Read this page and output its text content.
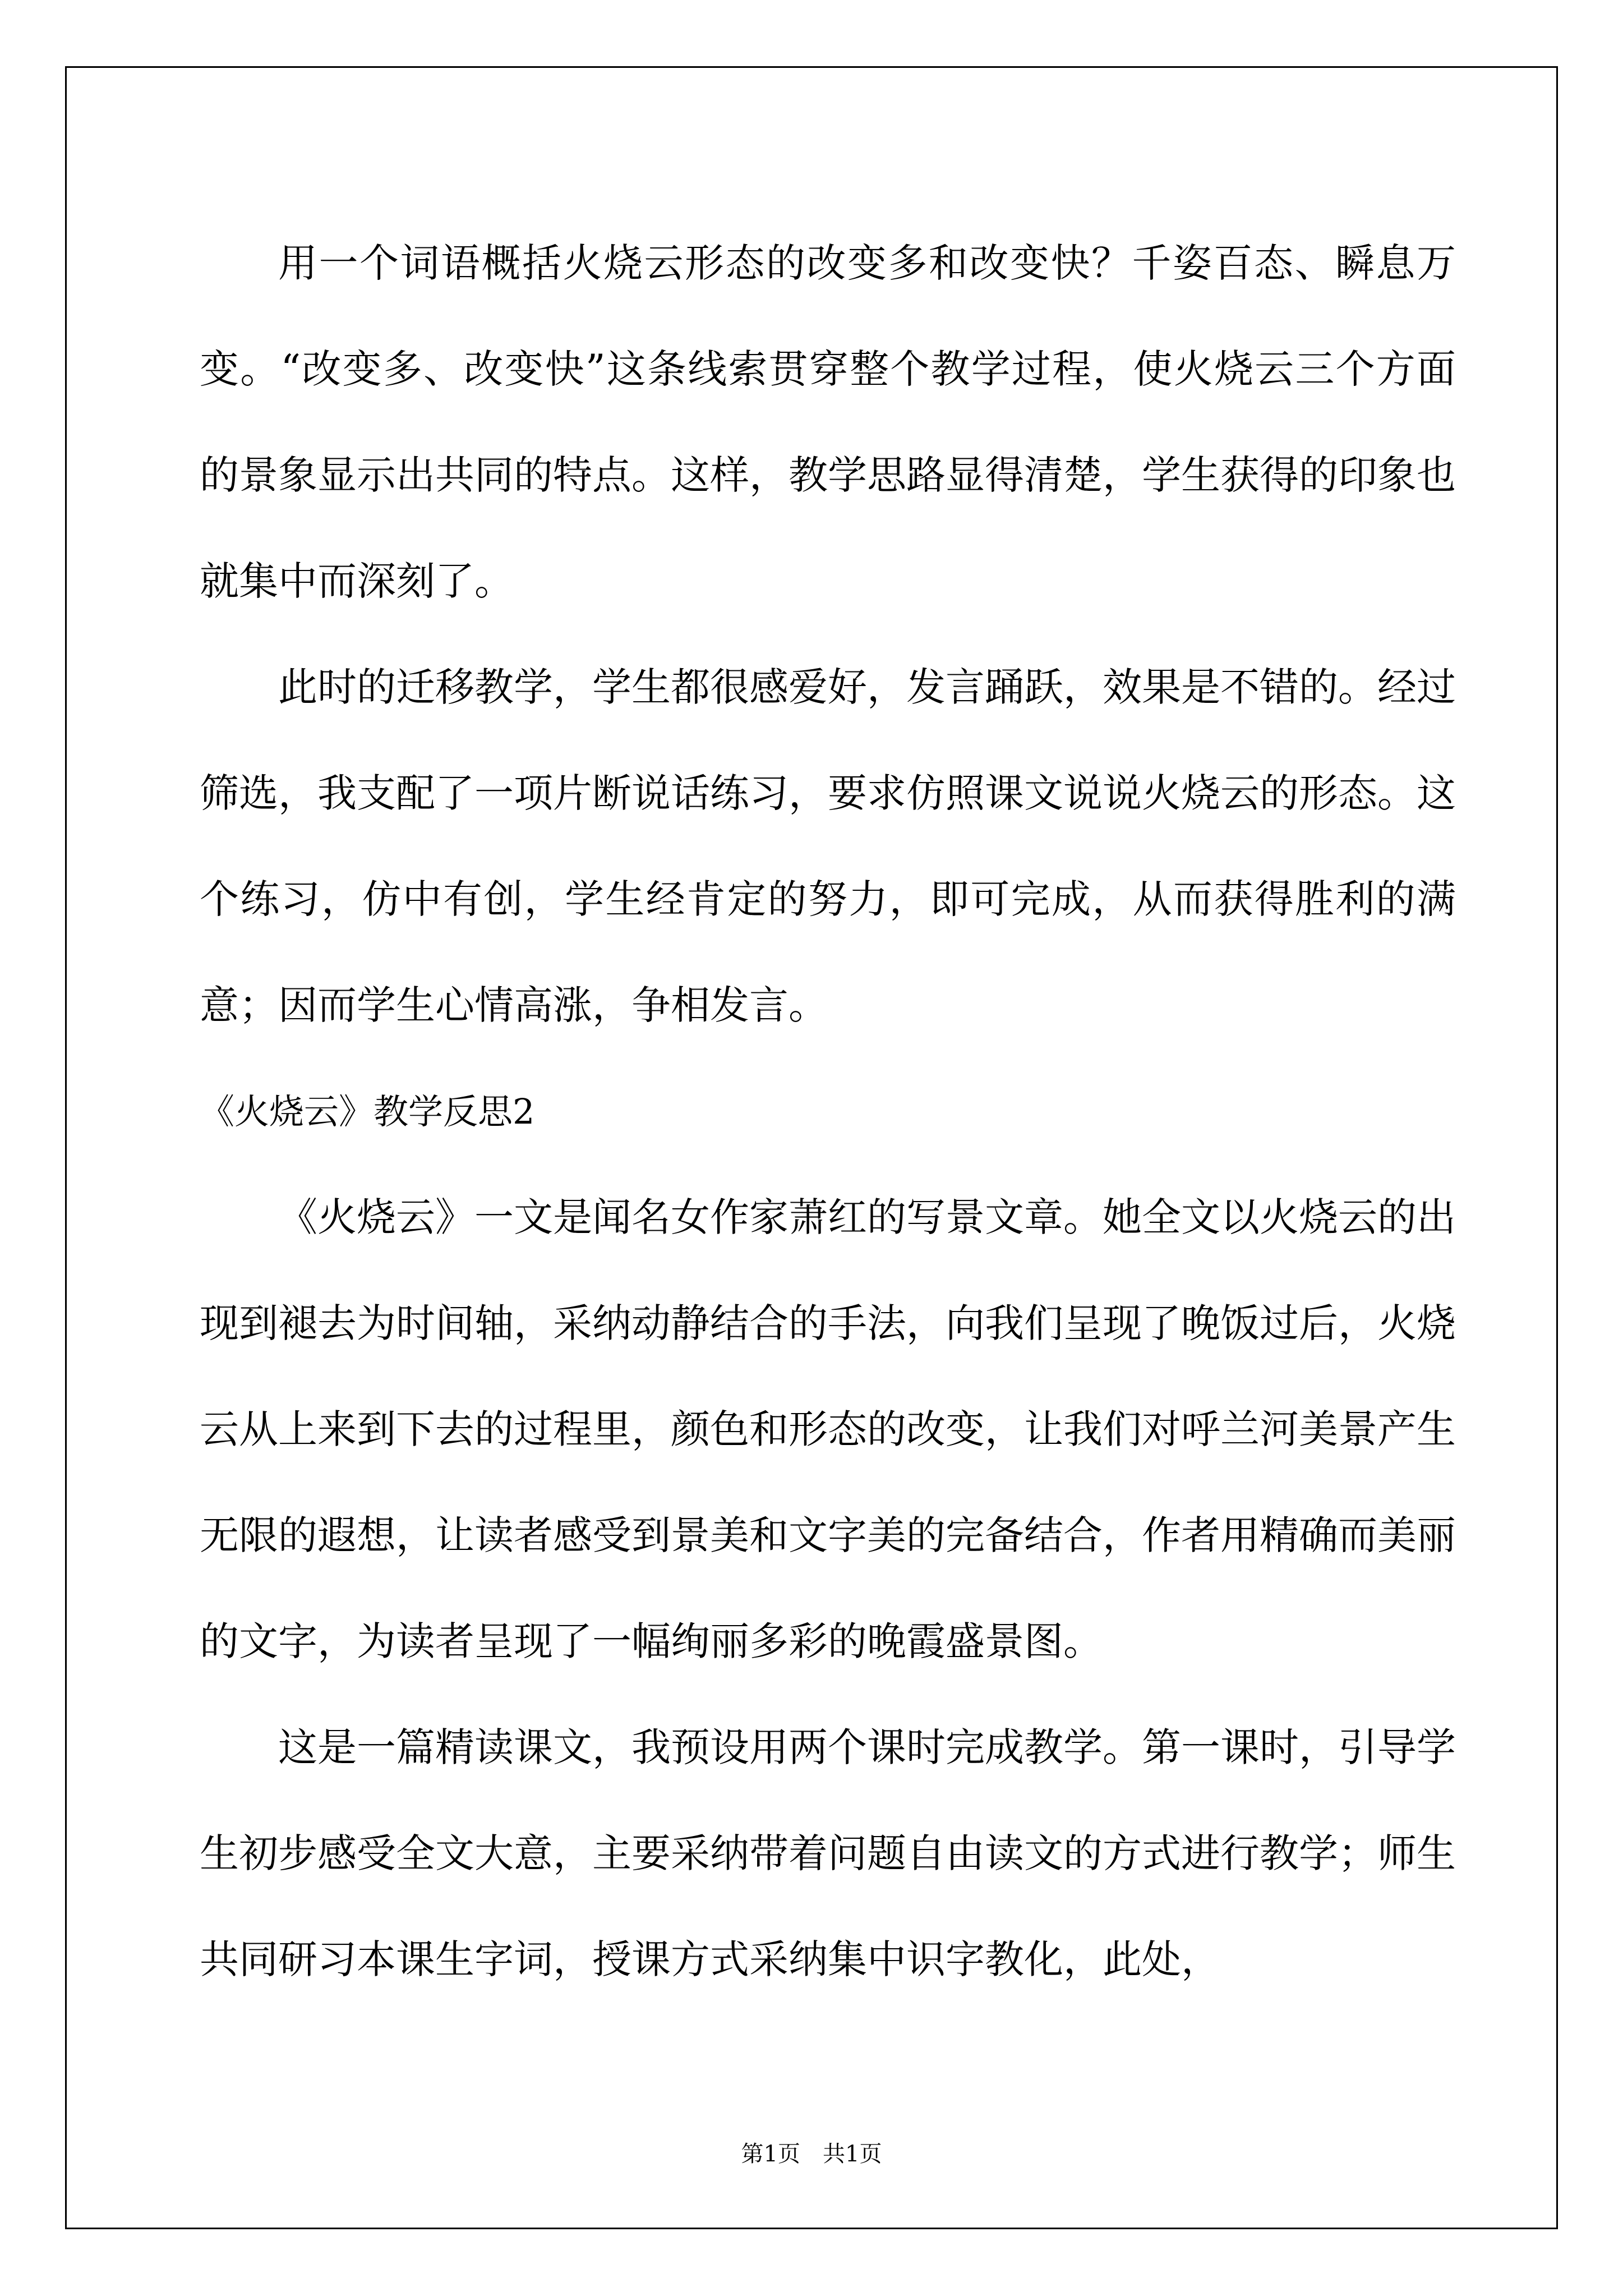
用一个词语概括火烧云形态的改变多和改变快？千姿百态、瞬息万变。“改变多、改变快”这条线索贯穿整个教学过程，使火烧云三个方面的景象显示出共同的特点。这样，教学思路显得清楚，学生获得的印象也就集中而深刻了。

此时的迁移教学，学生都很感爱好，发言踊跃，效果是不错的。经过筛选，我支配了一项片断说话练习，要求仿照课文说说火烧云的形态。这个练习，仿中有创，学生经肯定的努力，即可完成，从而获得胜利的满意；因而学生心情高涨，争相发言。

《火烧云》教学反思2

《火烧云》一文是闻名女作家萧红的写景文章。她全文以火烧云的出现到褪去为时间轴，采纳动静结合的手法，向我们呈现了晚饭过后，火烧云从上来到下去的过程里，颜色和形态的改变，让我们对呼兰河美景产生无限的遐想，让读者感受到景美和文字美的完备结合，作者用精确而美丽的文字，为读者呈现了一幅绚丽多彩的晚霞盛景图。

这是一篇精读课文，我预设用两个课时完成教学。第一课时，引导学生初步感受全文大意，主要采纳带着问题自由读文的方式进行教学；师生共同研习本课生字词，授课方式采纳集中识字教化，此处，

第1页　共1页
